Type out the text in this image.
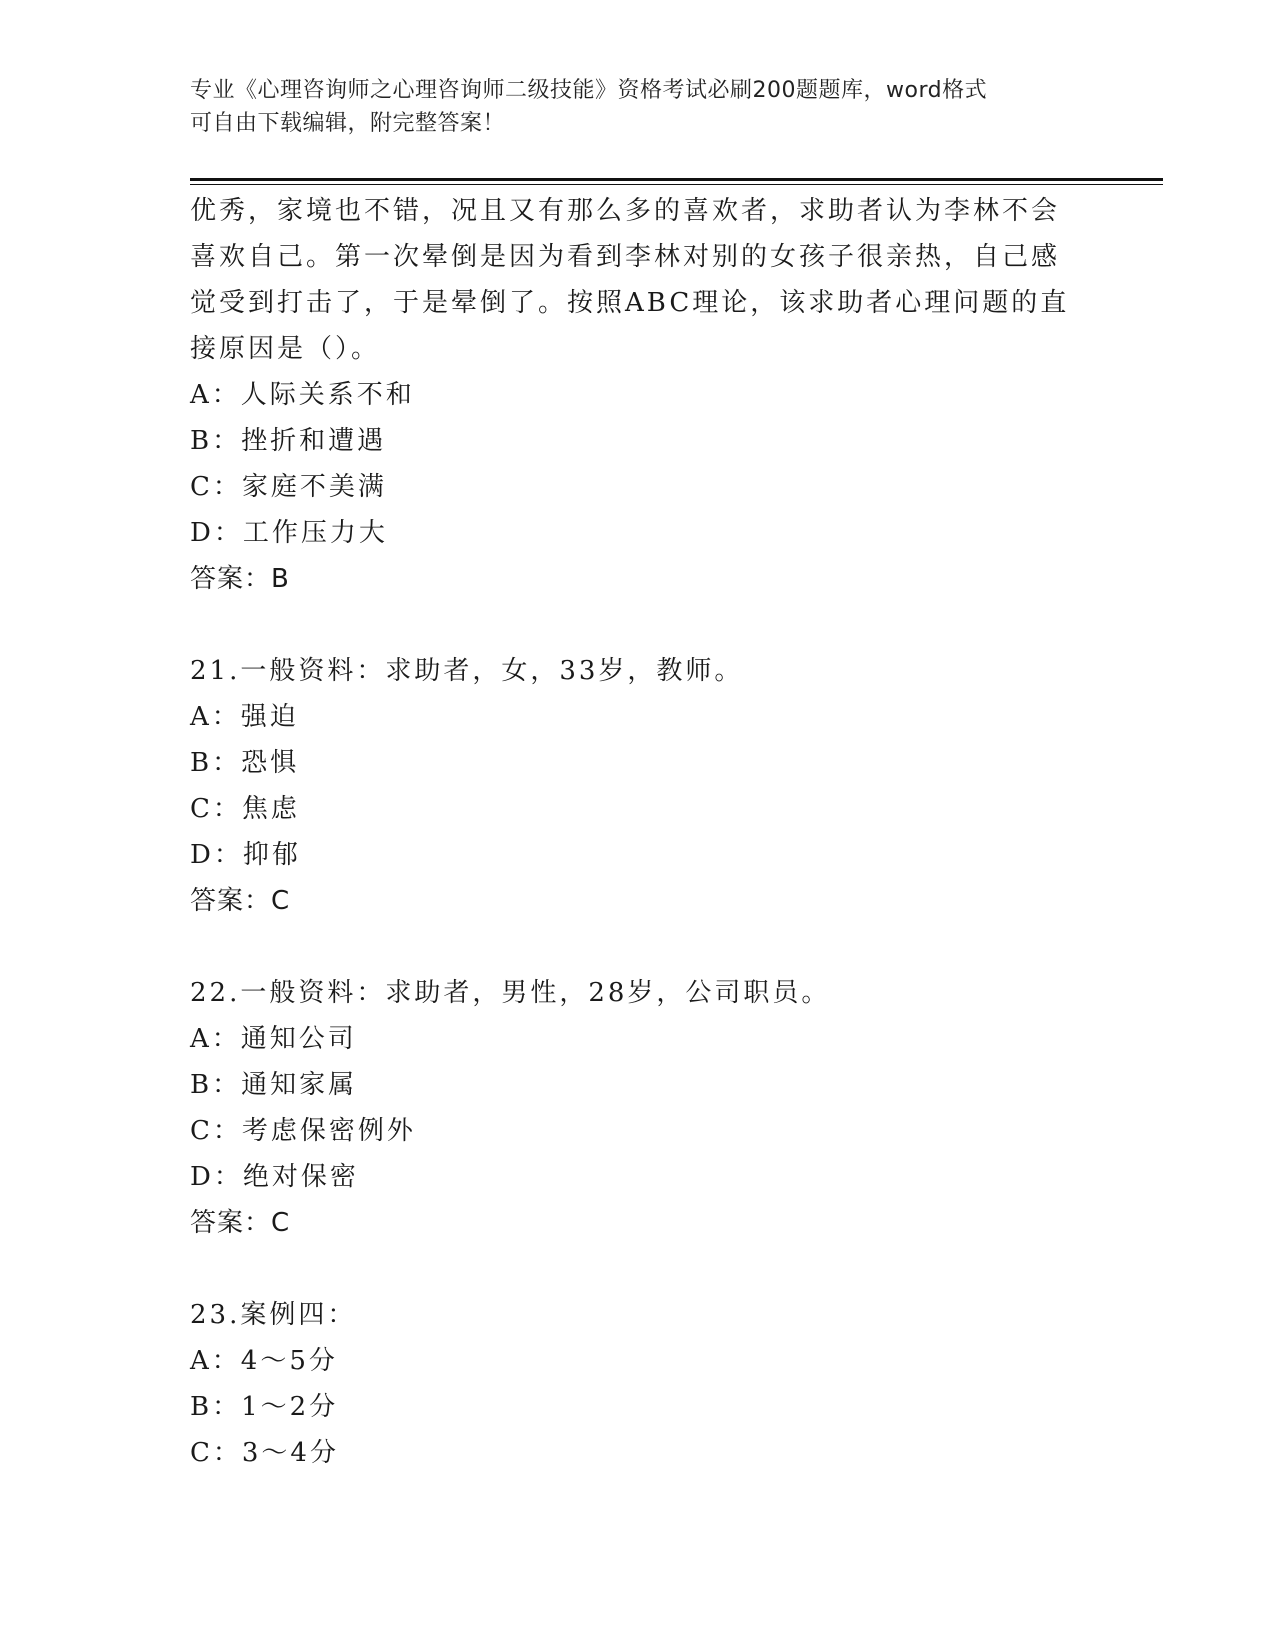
专业《心理咨询师之心理咨询师二级技能》资格考试必刷200题题库，word格式
可自由下载编辑，附完整答案！
优秀，家境也不错，况且又有那么多的喜欢者，求助者认为李林不会
喜欢自己。第一次晕倒是因为看到李林对别的女孩子很亲热，自己感
觉受到打击了，于是晕倒了。按照ABC理论，该求助者心理问题的直
接原因是（）。
A：人际关系不和
B：挫折和遭遇
C：家庭不美满
D：工作压力大
答案：B
21.一般资料：求助者，女，33岁，教师。
A：强迫
B：恐惧
C：焦虑
D：抑郁
答案：C
22.一般资料：求助者，男性，28岁，公司职员。
A：通知公司
B：通知家属
C：考虑保密例外
D：绝对保密
答案：C
23.案例四：
A：4～5分
B：1～2分
C：3～4分
